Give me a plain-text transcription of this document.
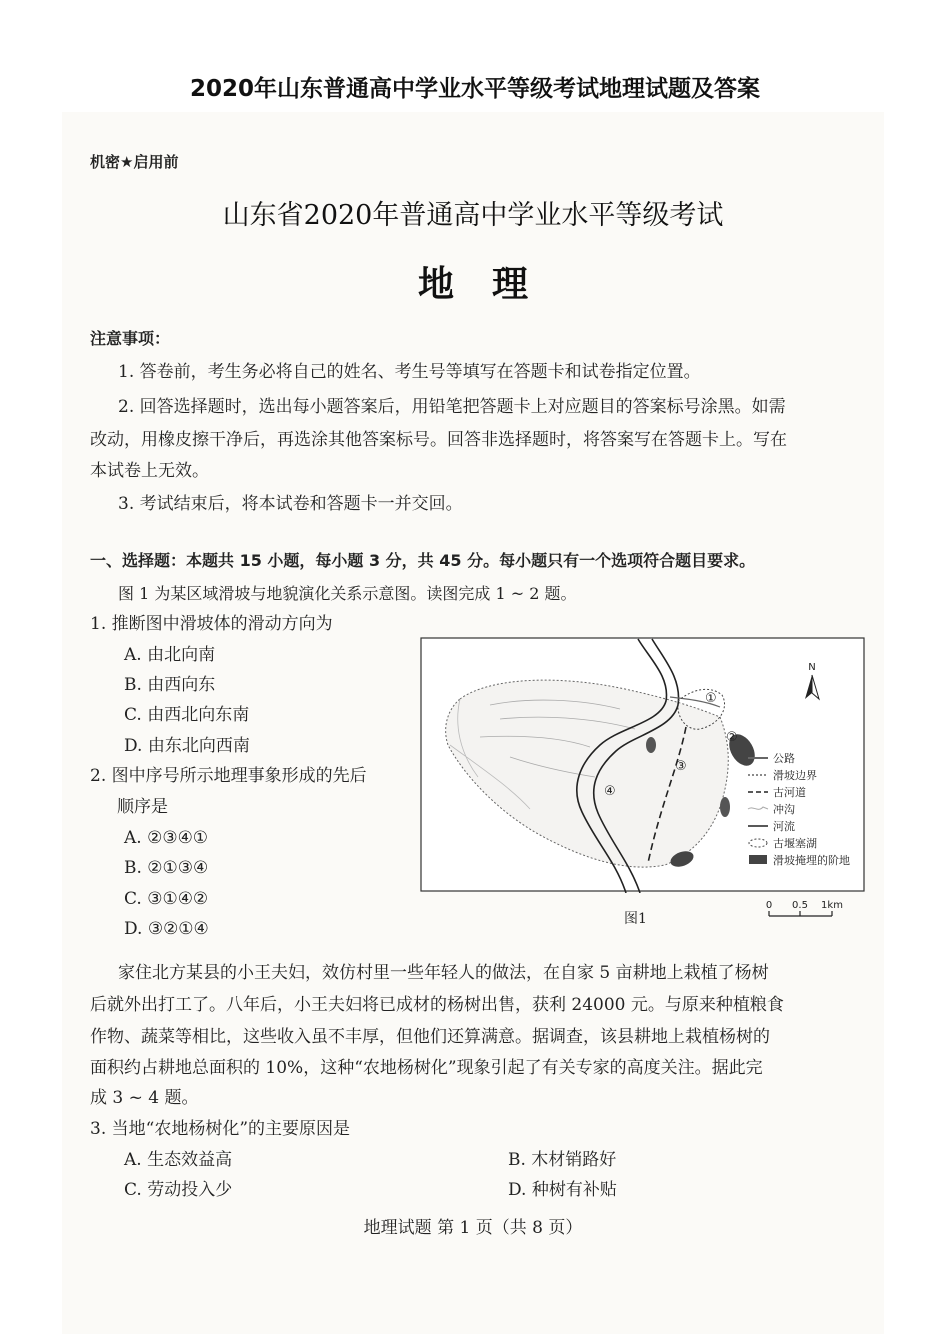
2020年山东普通高中学业水平等级考试地理试题及答案
机密★启用前
山东省2020年普通高中学业水平等级考试
地理
注意事项：
1. 答卷前，考生务必将自己的姓名、考生号等填写在答题卡和试卷指定位置。
2. 回答选择题时，选出每小题答案后，用铅笔把答题卡上对应题目的答案标号涂黑。如需
改动，用橡皮擦干净后，再选涂其他答案标号。回答非选择题时，将答案写在答题卡上。写在
本试卷上无效。
3. 考试结束后，将本试卷和答题卡一并交回。
一、选择题：本题共 15 小题，每小题 3 分，共 45 分。每小题只有一个选项符合题目要求。
图 1 为某区域滑坡与地貌演化关系示意图。读图完成 1 ~ 2 题。
1. 推断图中滑坡体的滑动方向为
A. 由北向南
B. 由西向东
C. 由西北向东南
D. 由东北向西南
2. 图中序号所示地理事象形成的先后
顺序是
A. ②③④①
B. ②①③④
C. ③①④②
D. ③②①④
①
②
③
④
N
公路
滑坡边界
古河道
冲沟
河流
古堰塞湖
滑坡掩埋的阶地
0 0.5 1km
图1
家住北方某县的小王夫妇，效仿村里一些年轻人的做法，在自家 5 亩耕地上栽植了杨树
后就外出打工了。八年后，小王夫妇将已成材的杨树出售，获利 24000 元。与原来种植粮食
作物、蔬菜等相比，这些收入虽不丰厚，但他们还算满意。据调查，该县耕地上栽植杨树的
面积约占耕地总面积的 10%，这种“农地杨树化”现象引起了有关专家的高度关注。据此完
成 3 ~ 4 题。
3. 当地“农地杨树化”的主要原因是
A. 生态效益高	B. 木材销路好
C. 劳动投入少	D. 种树有补贴
地理试题 第 1 页（共 8 页）
